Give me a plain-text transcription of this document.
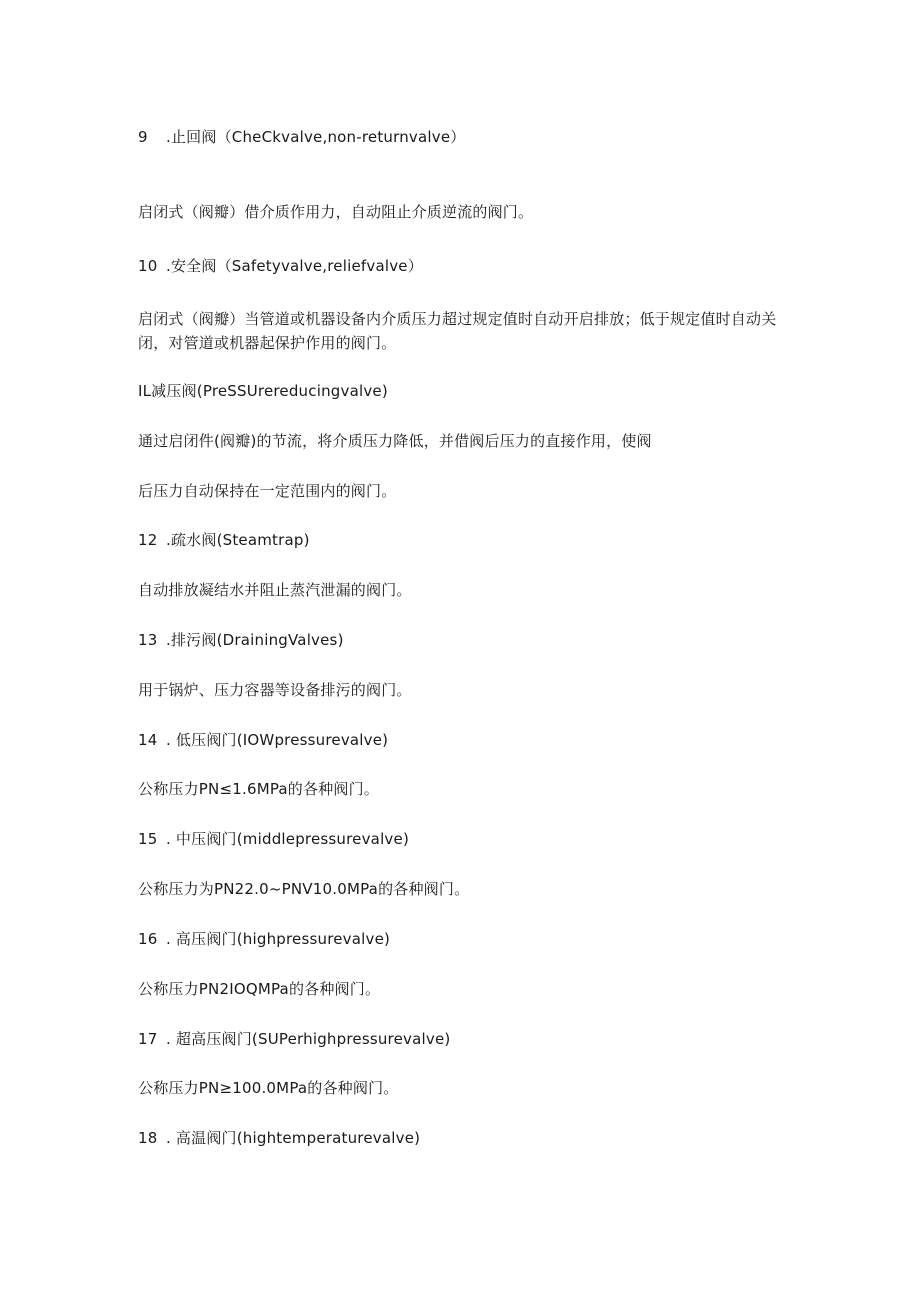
9 .止回阀（CheCkvalve,non-returnvalve）
启闭式（阀瓣）借介质作用力，自动阻止介质逆流的阀门。
10 .安全阀（Safetyvalve,reliefvalve）
启闭式（阀瓣）当管道或机器设备内介质压力超过规定值时自动开启排放；低于规定值时自动关闭，对管道或机器起保护作用的阀门。
IL减压阀(PreSSUrereducingvalve)
通过启闭件(阀瓣)的节流，将介质压力降低，并借阀后压力的直接作用，使阀
后压力自动保持在一定范围内的阀门。
12 .疏水阀(Steamtrap)
自动排放凝结水并阻止蒸汽泄漏的阀门。
13 .排污阀(DrainingValves)
用于锅炉、压力容器等设备排污的阀门。
14 . 低压阀门(IOWpressurevalve)
公称压力PN≤1.6MPa的各种阀门。
15 . 中压阀门(middlepressurevalve)
公称压力为PN22.0~PNV10.0MPa的各种阀门。
16 . 高压阀门(highpressurevalve)
公称压力PN2IOQMPa的各种阀门。
17 . 超高压阀门(SUPerhighpressurevalve)
公称压力PN≥100.0MPa的各种阀门。
18 . 高温阀门(hightemperaturevalve)
